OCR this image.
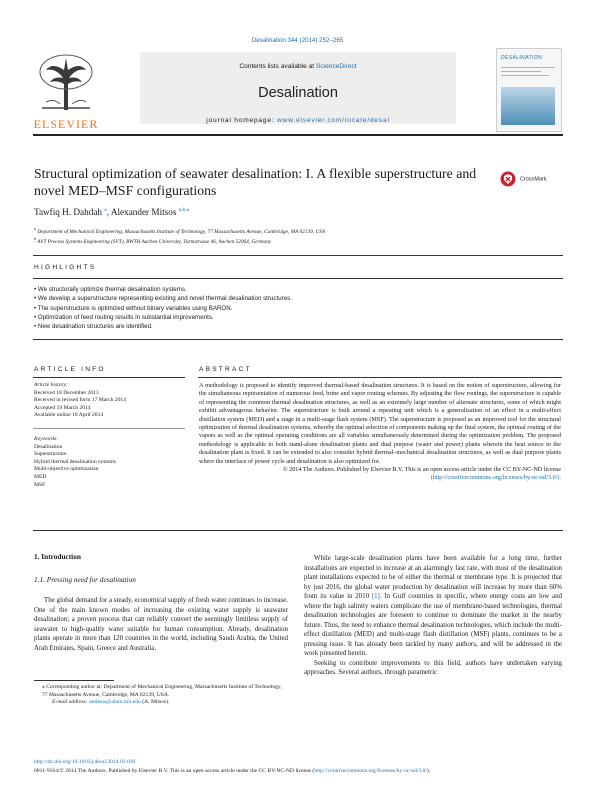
Desalination 344 (2014) 252–265
ELSEVIER
Contents lists available at ScienceDirect
Desalination
journal homepage: www.elsevier.com/locate/desal
DESALINATION
Structural optimization of seawater desalination: I. A flexible superstructure and novel MED–MSF configurations
CrossMark
Tawfiq H. Dahdah $^a$, Alexander Mitsos $^{a,b,⁎}$
$^a$ Department of Mechanical Engineering, Massachusetts Institute of Technology, 77 Massachusetts Avenue, Cambridge, MA 02139, USA
$^b$ AVT Process Systems Engineering (SVT), RWTH Aachen University, Turmstrasse 46, Aachen 52064, Germany
HIGHLIGHTS
• We structurally optimize thermal desalination systems.
• We develop a superstructure representing existing and novel thermal desalination structures.
• The superstructure is optimized without binary variables using BARON.
• Optimization of feed routing results in substantial improvements.
• New desalination structures are identified.
ARTICLE INFO
Article history:
Received 18 December 2013
Received in revised form 17 March 2014
Accepted 19 March 2014
Available online 18 April 2014
Keywords:
Desalination
Superstructure
Hybrid thermal desalination systems
Multi-objective optimization
MED
MSF
ABSTRACT

A methodology is proposed to identify improved thermal-based desalination structures. It is based on the notion of superstructure, allowing for the simultaneous representation of numerous feed, brine and vapor routing schemes. By adjusting the flow routings, the superstructure is capable of representing the common thermal desalination structures, as well as an extremely large number of alternate structures, some of which might exhibit advantageous behavior. The superstructure is built around a repeating unit which is a generalization of an effect in a multi-effect distillation system (MED) and a stage in a multi-stage flash system (MSF). The superstructure is proposed as an improved tool for the structural optimization of thermal desalination systems, whereby the optimal selection of components making up the final system, the optimal routing of the vapors as well as the optimal operating conditions are all variables simultaneously determined during the optimization problem. The proposed methodology is applicable to both stand-alone desalination plants and dual purpose (water and power) plants wherein the heat source to the desalination plant is fixed. It can be extended to also consider hybrid thermal–mechanical desalination structures, as well as dual purpose plants where the interface of power cycle and desalination is also optimized for.

© 2014 The Authors. Published by Elsevier B.V. This is an open access article under the CC BY-NC-ND license
(http://creativecommons.org/licenses/by-nc-nd/3.0/).

1. Introduction
1.1. Pressing need for desalination

The global demand for a steady, economical supply of fresh water continues to increase. One of the main known modes of increasing the existing water supply is seawater desalination; a proven process that can reliably convert the seemingly limitless supply of seawater to high-quality water suitable for human consumption. Already, desalination plants operate in more than 120 countries in the world, including Saudi Arabia, the United Arab Emirates, Spain, Greece and Australia.

While large-scale desalination plants have been available for a long time, further installations are expected to increase at an alarmingly fast rate, with most of the desalination plant installations expected to be of either the thermal or membrane type. It is projected that by just 2016, the global water production by desalination will increase by more than 60% from its value in 2010 [1]. In Gulf countries in specific, where energy costs are low and where the high salinity waters complicate the use of membrane-based technologies, thermal desalination technologies are foreseen to continue to dominate the market in the nearby future. Thus, the need to enhance thermal desalination technologies, which include the multi-effect distillation (MED) and multi-stage flash distillation (MSF) plants, continues to be a pressing issue. It has already been tackled by many authors, and will be addressed in the work presented herein.

Seeking to contribute improvements to this field, authors have undertaken varying approaches. Several authors, through parametric

⁎ Corresponding author at: Department of Mechanical Engineering, Massachusetts Institute of Technology, 77 Massachusetts Avenue, Cambridge, MA 02139, USA.
E-mail address: amitsos@alum.mit.edu (A. Mitsos).
http://dx.doi.org/10.1016/j.desal.2014.03.030
0011-9164/© 2014 The Authors. Published by Elsevier B.V. This is an open access article under the CC BY-NC-ND license (http://creativecommons.org/licenses/by-nc-nd/3.0/).
